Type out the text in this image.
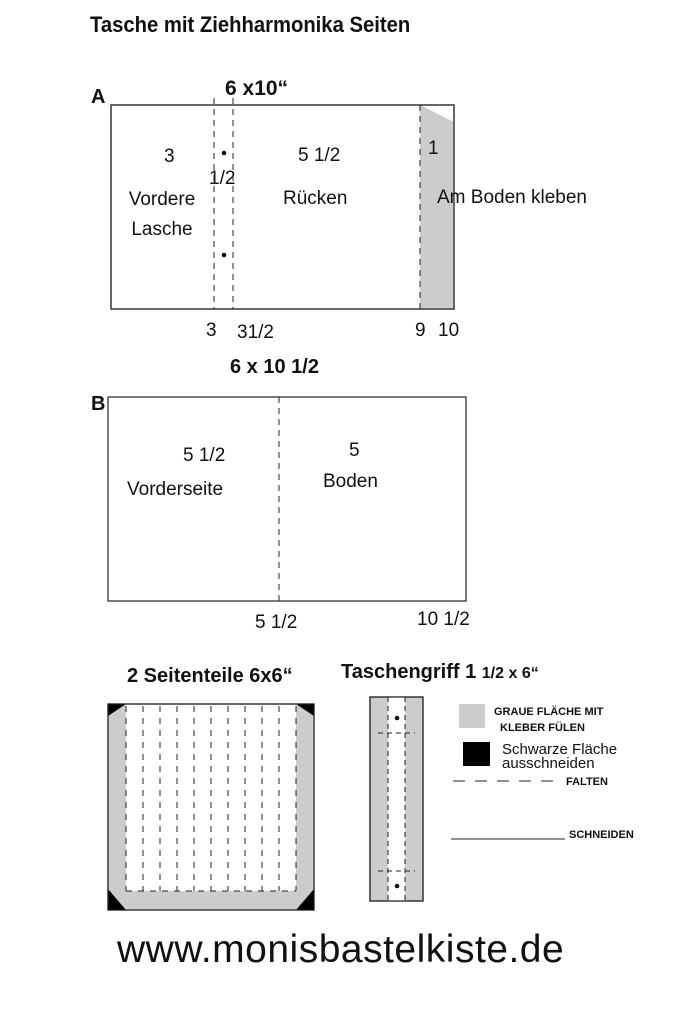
Tasche mit Ziehharmonika Seiten
A	6 x10“
3
Vordere
Lasche
1/2
5 1/2
Rücken
1
Am Boden kleben
3 31/2	9 10
B
6 x 10 1/2
5 1/2
Vorderseite
5
Boden
5 1/2	10 1/2
2 Seitenteile 6x6“ Taschengriff 1 1/2 x 6“
GRAUE FLÄCHE MIT
KLEBER FÜLEN
Schwarze Fläche
ausschneiden
FALTEN
SCHNEIDEN
www.monisbastelkiste.de
